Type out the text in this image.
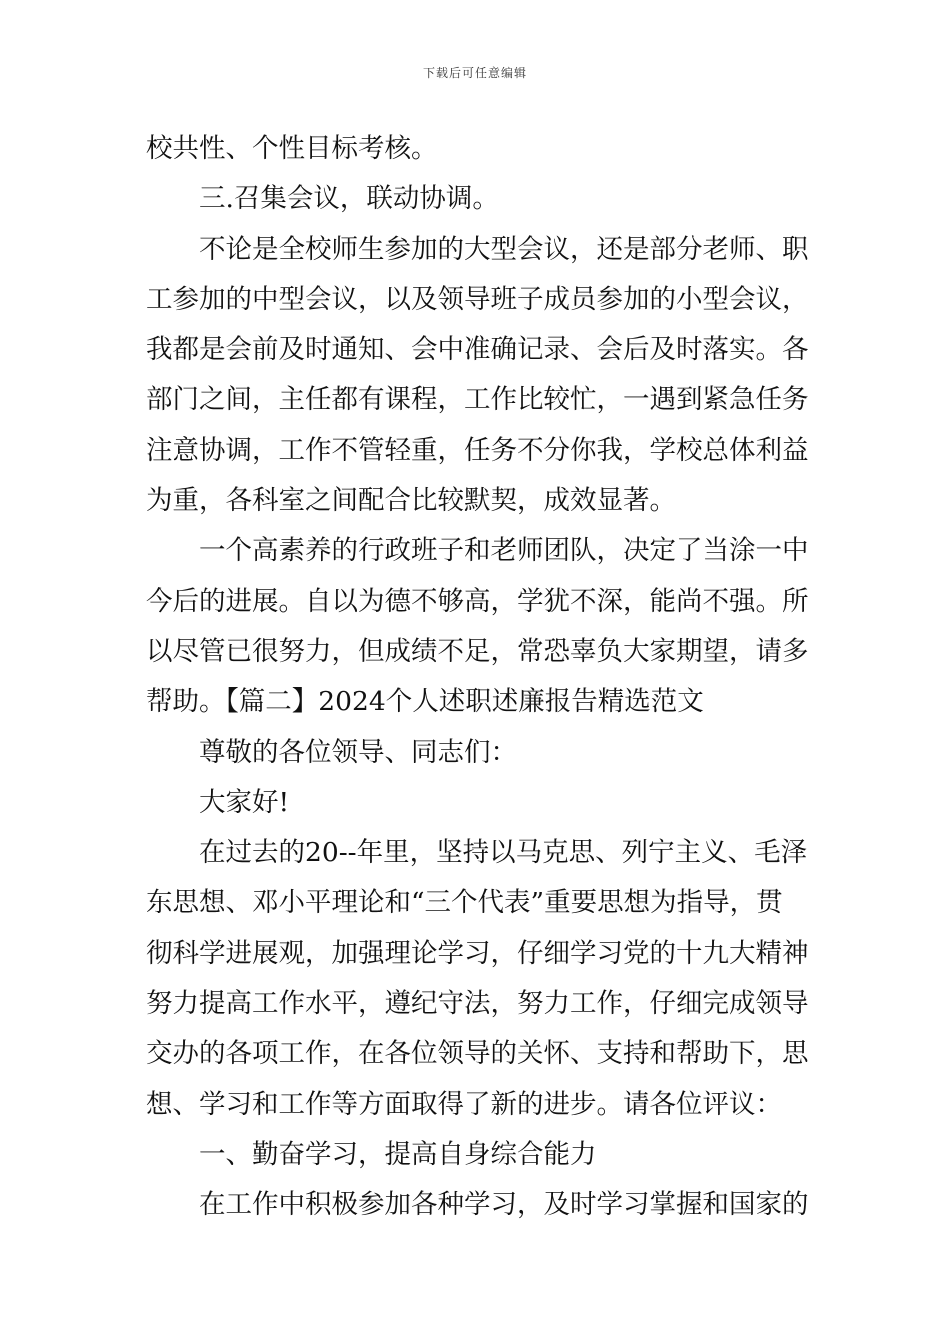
下载后可任意编辑
校共性、个性目标考核。
三.召集会议，联动协调。
不论是全校师生参加的大型会议，还是部分老师、职
工参加的中型会议，以及领导班子成员参加的小型会议，
我都是会前及时通知、会中准确记录、会后及时落实。各
部门之间，主任都有课程，工作比较忙，一遇到紧急任务
注意协调，工作不管轻重，任务不分你我，学校总体利益
为重，各科室之间配合比较默契，成效显著。
一个高素养的行政班子和老师团队，决定了当涂一中
今后的进展。自以为德不够高，学犹不深，能尚不强。所
以尽管已很努力，但成绩不足，常恐辜负大家期望，请多
帮助。【篇二】2024个人述职述廉报告精选范文
尊敬的各位领导、同志们：
大家好!
在过去的20--年里，坚持以马克思、列宁主义、毛泽
东思想、邓小平理论和“三个代表”重要思想为指导，贯
彻科学进展观，加强理论学习，仔细学习党的十九大精神
努力提高工作水平，遵纪守法，努力工作，仔细完成领导
交办的各项工作，在各位领导的关怀、支持和帮助下，思
想、学习和工作等方面取得了新的进步。请各位评议：
一、勤奋学习，提高自身综合能力
在工作中积极参加各种学习，及时学习掌握和国家的
